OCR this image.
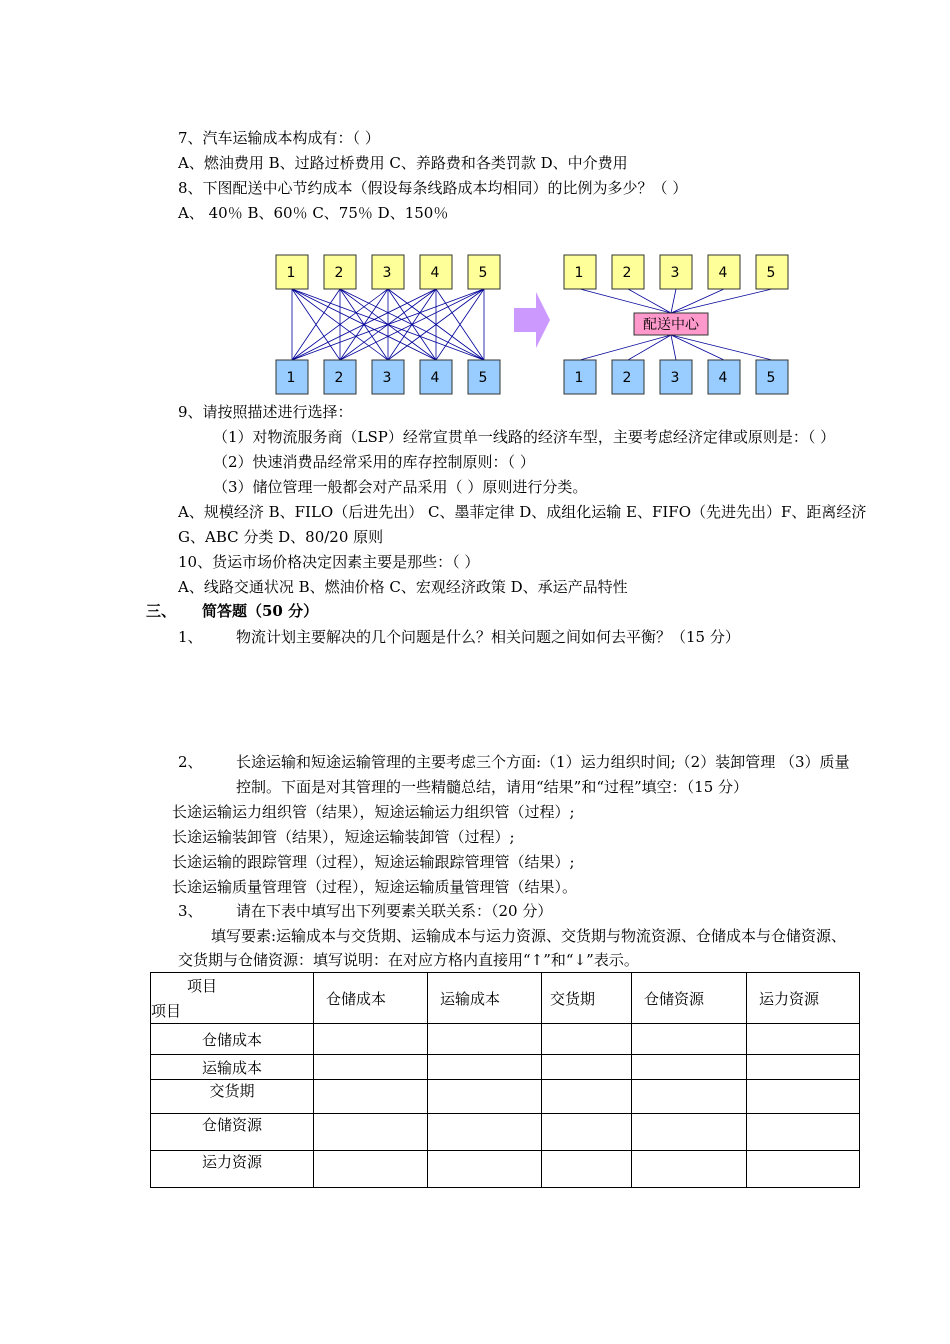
7、汽车运输成本构成有：（ ）
A、燃油费用 B、过路过桥费用 C、养路费和各类罚款 D、中介费用
8、下图配送中心节约成本（假设每条线路成本均相同）的比例为多少？（ ）
A、 40％ B、60％ C、75％ D、150％
1	1
2	2
3	3
4	4
5	5
1	1
2	2
3	3
4	4
5	5
配送中心
9、请按照描述进行选择：
（1）对物流服务商（LSP）经常宣贯单一线路的经济车型，主要考虑经济定律或原则是：（ ）
（2）快速消费品经常采用的库存控制原则：（ ）
（3）储位管理一般都会对产品采用（ ）原则进行分类。
A、规模经济 B、FILO（后进先出） C、墨菲定律 D、成组化运输 E、FIFO（先进先出）F、距离经济
G、ABC 分类 D、80/20 原则
10、货运市场价格决定因素主要是那些：（ ）
A、线路交通状况 B、燃油价格 C、宏观经济政策 D、承运产品特性
三、 简答题（50 分）
1、 物流计划主要解决的几个问题是什么？相关问题之间如何去平衡？（15 分）
2、 长途运输和短途运输管理的主要考虑三个方面:（1）运力组织时间;（2）装卸管理 （3）质量
控制。下面是对其管理的一些精髓总结，请用“结果”和“过程”填空：（15 分）
长途运输运力组织管（结果），短途运输运力组织管（过程）;
长途运输装卸管（结果），短途运输装卸管（过程）;
长途运输的跟踪管理（过程），短途运输跟踪管理管（结果）;
长途运输质量管理管（过程），短途运输质量管理管（结果）。
3、 请在下表中填写出下列要素关联关系：（20 分）
填写要素:运输成本与交货期、运输成本与运力资源、交货期与物流资源、仓储成本与仓储资源、
交货期与仓储资源：填写说明：在对应方格内直接用“↑”和“↓”表示。
项目
项目	仓储成本	运输成本	交货期	仓储资源	运力资源
仓储成本					
运输成本					
交货期					
仓储资源					
运力资源					
